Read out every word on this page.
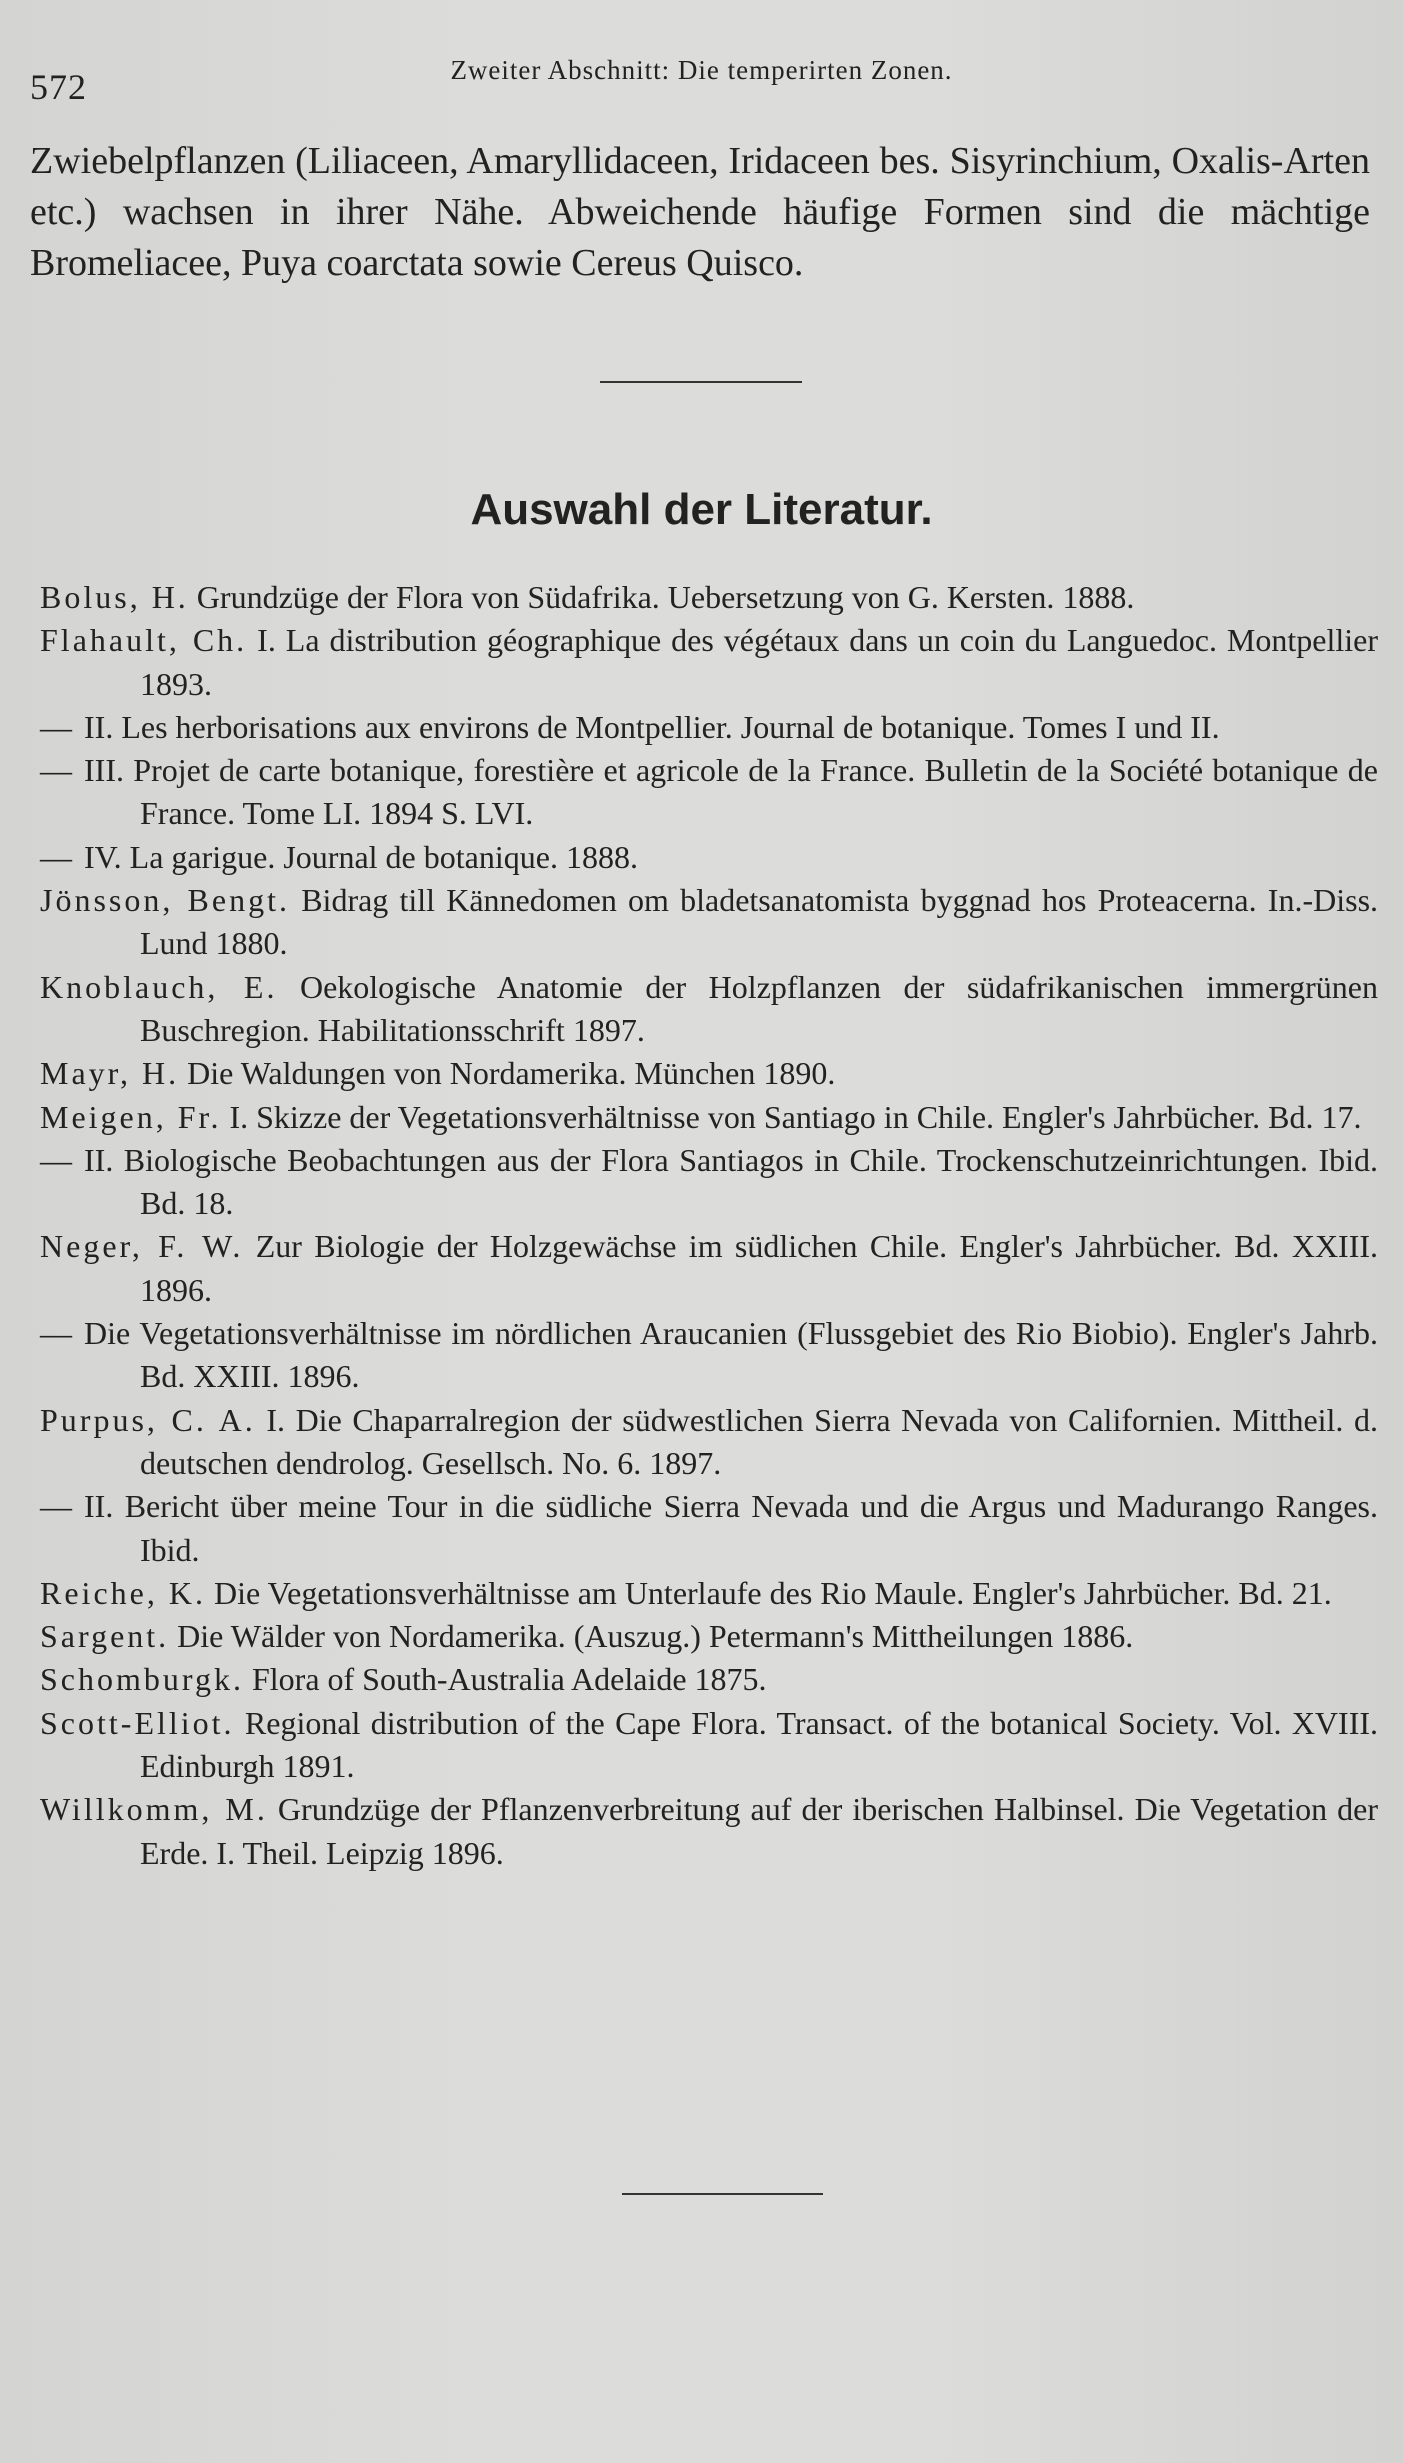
572	Zweiter Abschnitt: Die temperirten Zonen.

Zwiebelpflanzen (Liliaceen, Amaryllidaceen, Iridaceen bes. Sisyrinchium, Oxalis-Arten etc.) wachsen in ihrer Nähe. Abweichende häufige Formen sind die mächtige Bromeliacee, Puya coarctata sowie Cereus Quisco.

Auswahl der Literatur.
Bolus, H. Grundzüge der Flora von Südafrika. Uebersetzung von G. Kersten. 1888.
Flahault, Ch. I. La distribution géographique des végétaux dans un coin du Languedoc. Montpellier 1893.
— II. Les herborisations aux environs de Montpellier. Journal de botanique. Tomes I und II.
— III. Projet de carte botanique, forestière et agricole de la France. Bulletin de la Société botanique de France. Tome LI. 1894 S. LVI.
— IV. La garigue. Journal de botanique. 1888.
Jönsson, Bengt. Bidrag till Kännedomen om bladetsanatomista byggnad hos Proteacerna. In.-Diss. Lund 1880.
Knoblauch, E. Oekologische Anatomie der Holzpflanzen der südafrikanischen immergrünen Buschregion. Habilitationsschrift 1897.
Mayr, H. Die Waldungen von Nordamerika. München 1890.
Meigen, Fr. I. Skizze der Vegetationsverhältnisse von Santiago in Chile. Engler's Jahrbücher. Bd. 17.
— II. Biologische Beobachtungen aus der Flora Santiagos in Chile. Trockenschutzeinrichtungen. Ibid. Bd. 18.
Neger, F. W. Zur Biologie der Holzgewächse im südlichen Chile. Engler's Jahrbücher. Bd. XXIII. 1896.
— Die Vegetationsverhältnisse im nördlichen Araucanien (Flussgebiet des Rio Biobio). Engler's Jahrb. Bd. XXIII. 1896.
Purpus, C. A. I. Die Chaparralregion der südwestlichen Sierra Nevada von Californien. Mittheil. d. deutschen dendrolog. Gesellsch. No. 6. 1897.
— II. Bericht über meine Tour in die südliche Sierra Nevada und die Argus und Madurango Ranges. Ibid.
Reiche, K. Die Vegetationsverhältnisse am Unterlaufe des Rio Maule. Engler's Jahrbücher. Bd. 21.
Sargent. Die Wälder von Nordamerika. (Auszug.) Petermann's Mittheilungen 1886.
Schomburgk. Flora of South-Australia Adelaide 1875.
Scott-Elliot. Regional distribution of the Cape Flora. Transact. of the botanical Society. Vol. XVIII. Edinburgh 1891.
Willkomm, M. Grundzüge der Pflanzenverbreitung auf der iberischen Halbinsel. Die Vegetation der Erde. I. Theil. Leipzig 1896.
